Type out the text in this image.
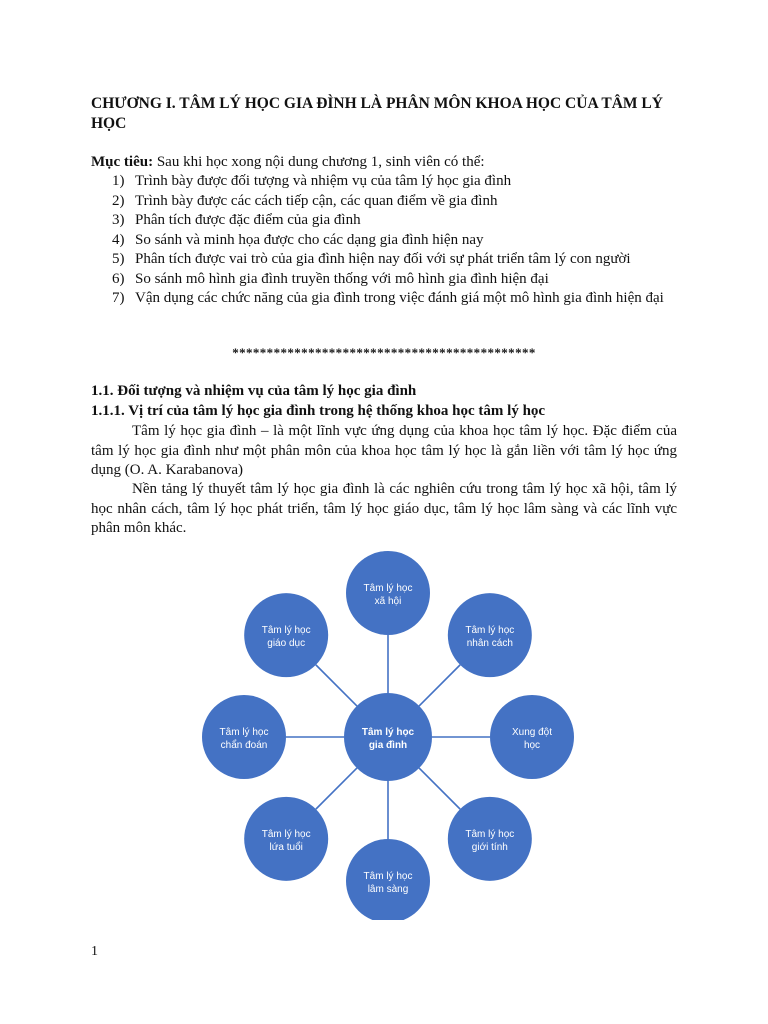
CHƯƠNG I. TÂM LÝ HỌC GIA ĐÌNH LÀ PHÂN MÔN KHOA HỌC CỦA TÂM LÝ HỌC
Mục tiêu: Sau khi học xong nội dung chương 1, sinh viên có thể:
1) Trình bày được đối tượng và nhiệm vụ của tâm lý học gia đình
2) Trình bày được các cách tiếp cận, các quan điểm về gia đình
3) Phân tích được đặc điểm của gia đình
4) So sánh và minh họa được cho các dạng gia đình hiện nay
5) Phân tích được vai trò của gia đình hiện nay đối với sự phát triển tâm lý con người
6) So sánh mô hình gia đình truyền thống với mô hình gia đình hiện đại
7) Vận dụng các chức năng của gia đình trong việc đánh giá một mô hình gia đình hiện đại
********************************************
1.1. Đối tượng và nhiệm vụ của tâm lý học gia đình
1.1.1. Vị trí của tâm lý học gia đình trong hệ thống khoa học tâm lý học
Tâm lý học gia đình – là một lĩnh vực ứng dụng của khoa học tâm lý học. Đặc điểm của tâm lý học gia đình như một phân môn của khoa học tâm lý học là gắn liền với tâm lý học ứng dụng (O. A. Karabanova)
Nền tảng lý thuyết tâm lý học gia đình là các nghiên cứu trong tâm lý học xã hội, tâm lý học nhân cách, tâm lý học phát triển, tâm lý học giáo dục, tâm lý học lâm sàng và các lĩnh vực phân môn khác.
Tâm lý học
xã hội
Tâm lý học
nhân cách
Xung đột
học
Tâm lý học
giới tính
Tâm lý học
lâm sàng
Tâm lý học
lứa tuổi
Tâm lý học
chẩn đoán
Tâm lý học
giáo dục
Tâm lý học
gia đình
1
